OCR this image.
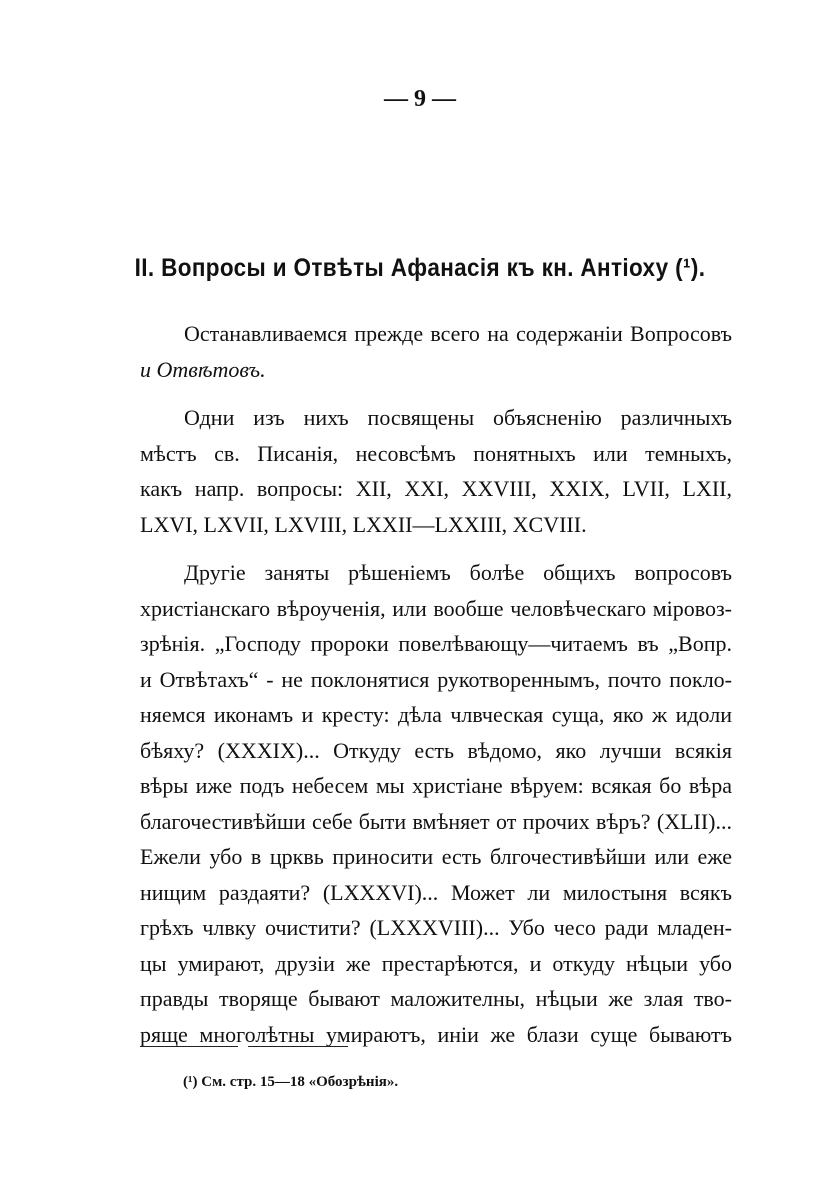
— 9 —
II. Вопросы и Отвѣты Афанасія къ кн. Антіоху (¹).
Останавливаемся прежде всего на содержаніи Вопросовъ
и Отвѣтовъ.
Одни изъ нихъ посвящены объясненію различныхъ
мѣстъ св. Писанія, несовсѣмъ понятныхъ или темныхъ,
какъ напр. вопросы: XII, XXI, XXVIII, XXIX, LVII, LXII,
LXVI, LXVII, LXVIII, LXXII—LXXIII, XCVIII.
Другіе заняты рѣшеніемъ болѣе общихъ вопросовъ
христіанскаго вѣроученія, или вообше человѣческаго міровоз-
зрѣнія. „Господу пророки повелѣвающу—читаемъ въ „Вопр.
и Отвѣтахъ“ - не поклонятися рукотвореннымъ, почто покло-
няемся иконамъ и кресту: дѣла члвческая суща, яко ж идоли
бѣяху? (XXXIX)... Откуду есть вѣдомо, яко лучши всякія
вѣры иже подъ небесем мы христіане вѣруем: всякая бо вѣра
благочестивѣйши себе быти вмѣняет от прочих вѣръ? (XLII)...
Ежели убо в црквь приносити есть блгочестивѣйши или еже
нищим раздаяти? (LXXXVI)... Может ли милостыня всякъ
грѣхъ члвку очистити? (LXXXVIII)... Убо чесо ради младен-
цы умирают, друзіи же престарѣются, и откуду нѣцыи убо
правды творяще бывают маложителны, нѣцыи же злая тво-
ряще многолѣтны умираютъ, иніи же блази суще бываютъ
(¹) См. стр. 15—18 «Обозрѣнія».
